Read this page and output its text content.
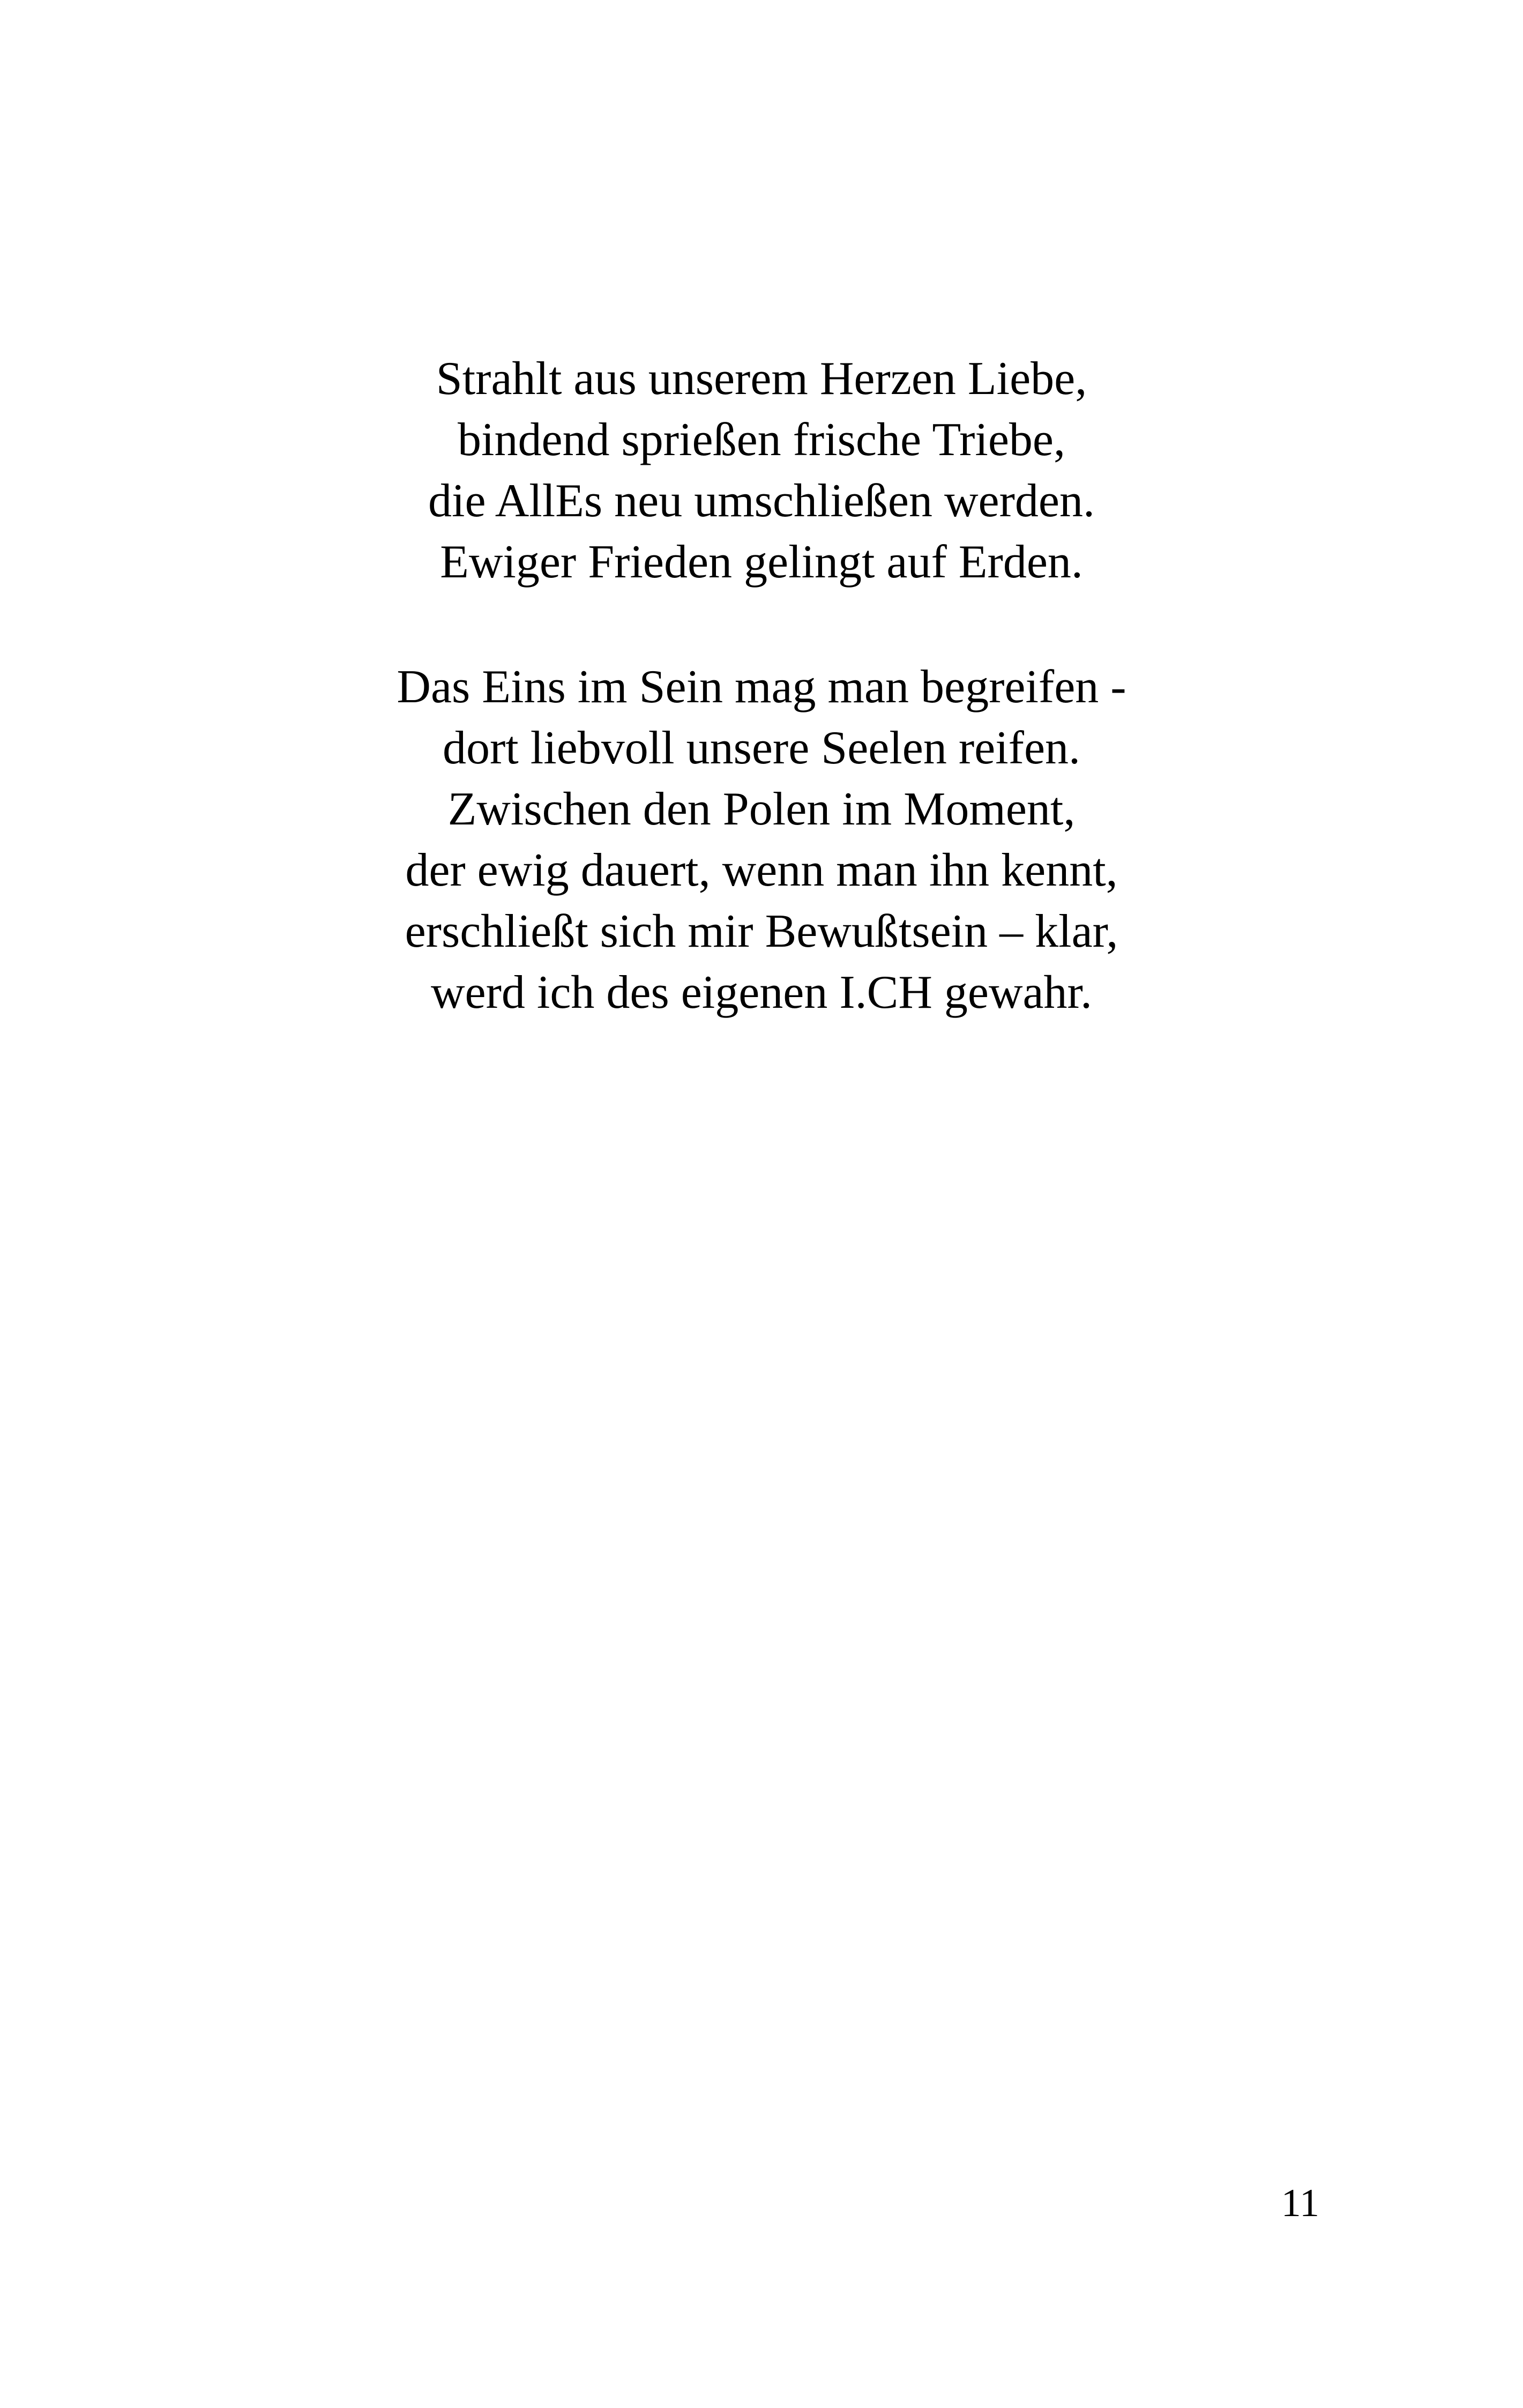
Strahlt aus unserem Herzen Liebe,
bindend sprießen frische Triebe,
die AllEs neu umschließen werden.
Ewiger Frieden gelingt auf Erden.
Das Eins im Sein mag man begreifen -
dort liebvoll unsere Seelen reifen.
Zwischen den Polen im Moment,
der ewig dauert, wenn man ihn kennt,
erschließt sich mir Bewußtsein – klar,
werd ich des eigenen I.CH gewahr.
11
